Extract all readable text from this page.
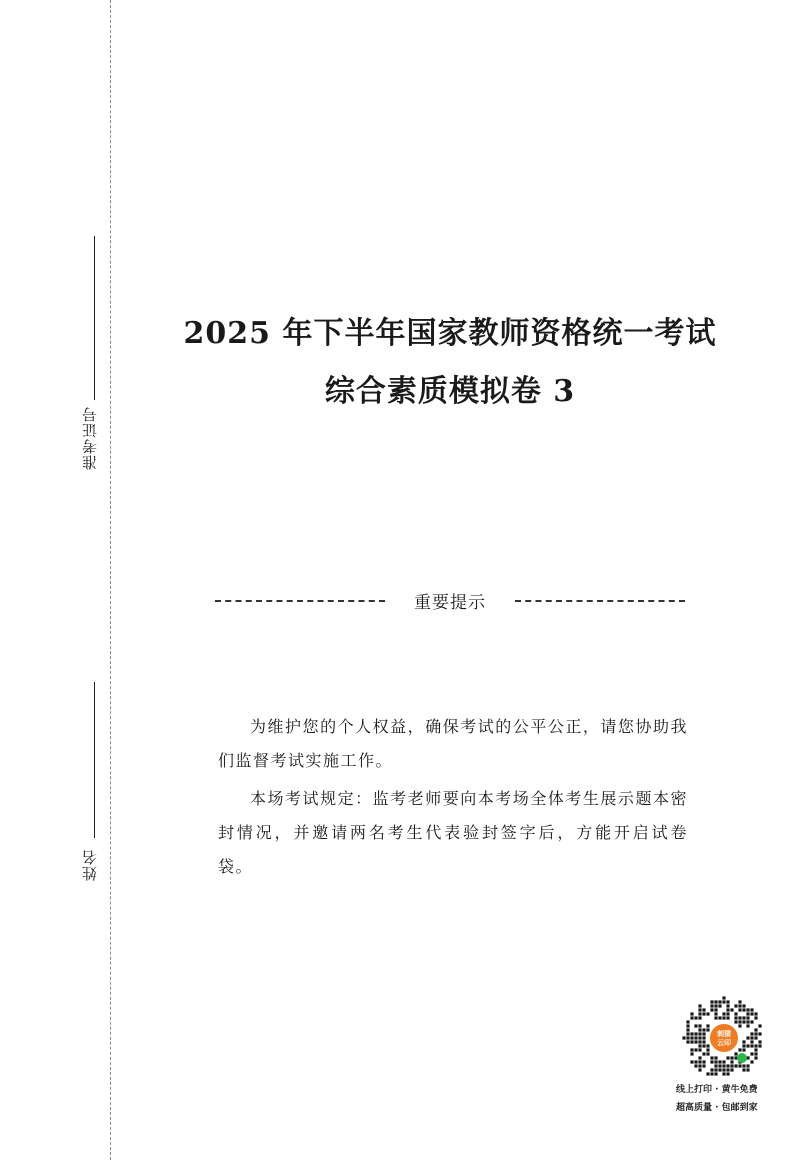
准考证号
姓名
2025 年下半年国家教师资格统一考试
综合素质模拟卷 3
重要提示

为维护您的个人权益，确保考试的公平公正，请您协助我们监督考试实施工作。

本场考试规定：监考老师要向本考场全体考生展示题本密封情况，并邀请两名考生代表验封签字后，方能开启试卷袋。

刺猬
云印
线上打印 · 黄牛免费
超高质量 · 包邮到家
